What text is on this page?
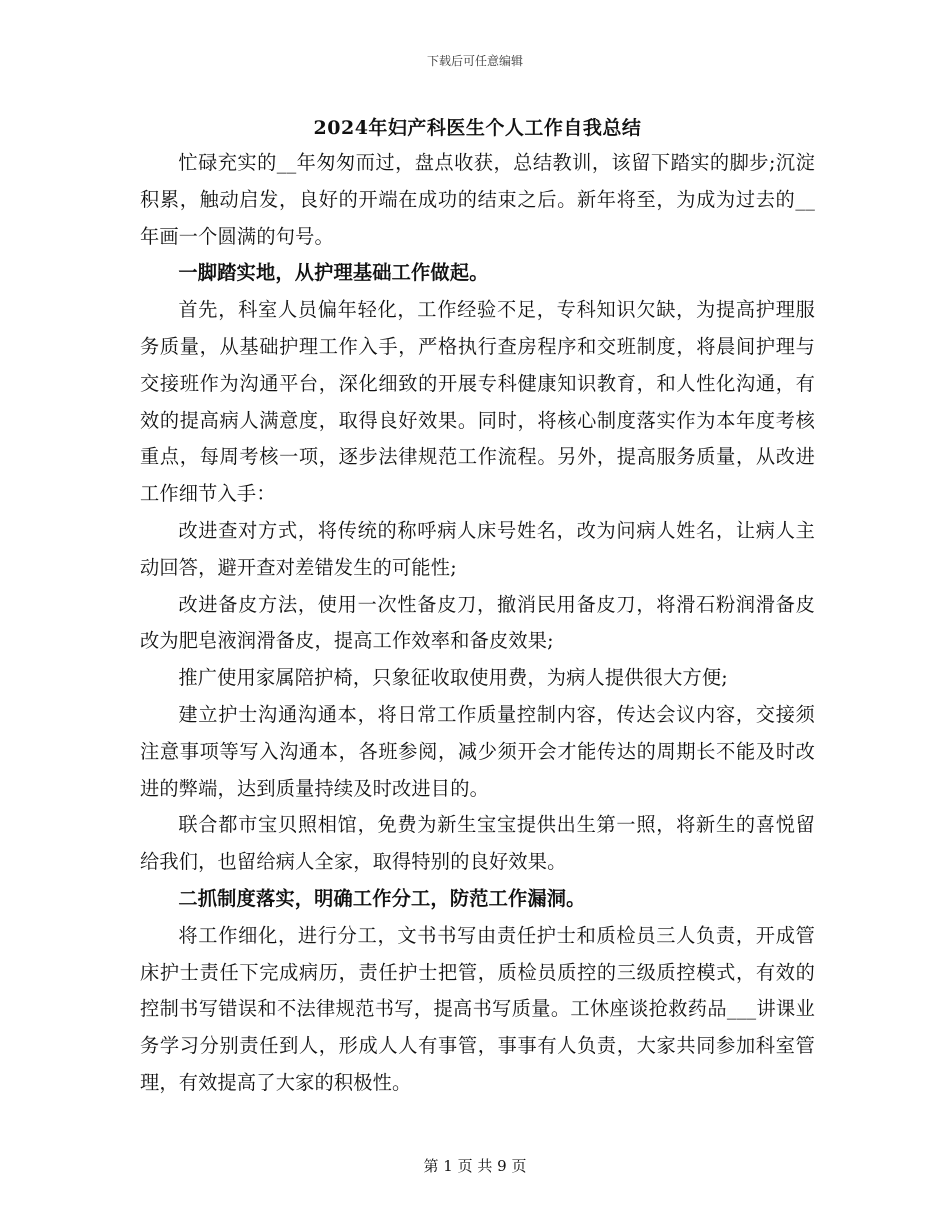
下载后可任意编辑
2024年妇产科医生个人工作自我总结

忙碌充实的__年匆匆而过，盘点收获，总结教训，该留下踏实的脚步;沉淀积累，触动启发，良好的开端在成功的结束之后。新年将至，为成为过去的__年画一个圆满的句号。

一脚踏实地，从护理基础工作做起。

首先，科室人员偏年轻化，工作经验不足，专科知识欠缺，为提高护理服务质量，从基础护理工作入手，严格执行查房程序和交班制度，将晨间护理与交接班作为沟通平台，深化细致的开展专科健康知识教育，和人性化沟通，有效的提高病人满意度，取得良好效果。同时，将核心制度落实作为本年度考核重点，每周考核一项，逐步法律规范工作流程。另外，提高服务质量，从改进工作细节入手：

改进查对方式，将传统的称呼病人床号姓名，改为问病人姓名，让病人主动回答，避开查对差错发生的可能性;

改进备皮方法，使用一次性备皮刀，撤消民用备皮刀，将滑石粉润滑备皮改为肥皂液润滑备皮，提高工作效率和备皮效果;

推广使用家属陪护椅，只象征收取使用费，为病人提供很大方便;

建立护士沟通沟通本，将日常工作质量控制内容，传达会议内容，交接须注意事项等写入沟通本，各班参阅，减少须开会才能传达的周期长不能及时改进的弊端，达到质量持续及时改进目的。

联合都市宝贝照相馆，免费为新生宝宝提供出生第一照，将新生的喜悦留给我们，也留给病人全家，取得特别的良好效果。

二抓制度落实，明确工作分工，防范工作漏洞。

将工作细化，进行分工，文书书写由责任护士和质检员三人负责，开成管床护士责任下完成病历，责任护士把管，质检员质控的三级质控模式，有效的控制书写错误和不法律规范书写，提高书写质量。工休座谈抢救药品___讲课业务学习分别责任到人，形成人人有事管，事事有人负责，大家共同参加科室管理，有效提高了大家的积极性。

第 1 页 共 9 页
